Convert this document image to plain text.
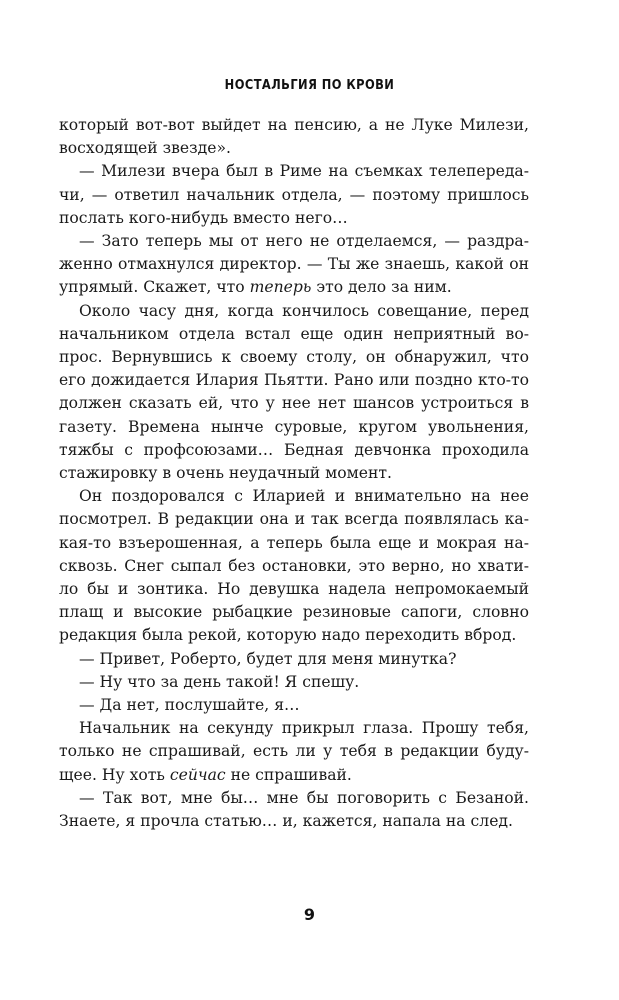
НОСТАЛЬГИЯ ПО КРОВИ

который вот-вот выйдет на пенсию, а не Луке Милези, восходящей звезде».

— Милези вчера был в Риме на съемках телепереда-чи, — ответил начальник отдела, — поэтому пришлось послать кого-нибудь вместо него…

— Зато теперь мы от него не отделаемся, — раздра-женно отмахнулся директор. — Ты же знаешь, какой он упрямый. Скажет, что теперь это дело за ним.

Около часу дня, когда кончилось совещание, перед начальником отдела встал еще один неприятный во-прос. Вернувшись к своему столу, он обнаружил, что его дожидается Илария Пьятти. Рано или поздно кто-то должен сказать ей, что у нее нет шансов устроиться в газету. Времена нынче суровые, кругом увольнения, тяжбы с профсоюзами… Бедная девчонка проходила стажировку в очень неудачный момент.

Он поздоровался с Иларией и внимательно на нее посмотрел. В редакции она и так всегда появлялась ка-кая-то взъерошенная, а теперь была еще и мокрая на-сквозь. Снег сыпал без остановки, это верно, но хвати-ло бы и зонтика. Но девушка надела непромокаемый плащ и высокие рыбацкие резиновые сапоги, словно редакция была рекой, которую надо переходить вброд.

— Привет, Роберто, будет для меня минутка?

— Ну что за день такой! Я спешу.

— Да нет, послушайте, я…

Начальник на секунду прикрыл глаза. Прошу тебя, только не спрашивай, есть ли у тебя в редакции буду-щее. Ну хоть сейчас не спрашивай.

— Так вот, мне бы… мне бы поговорить с Безаной. Знаете, я прочла статью… и, кажется, напала на след.

9
